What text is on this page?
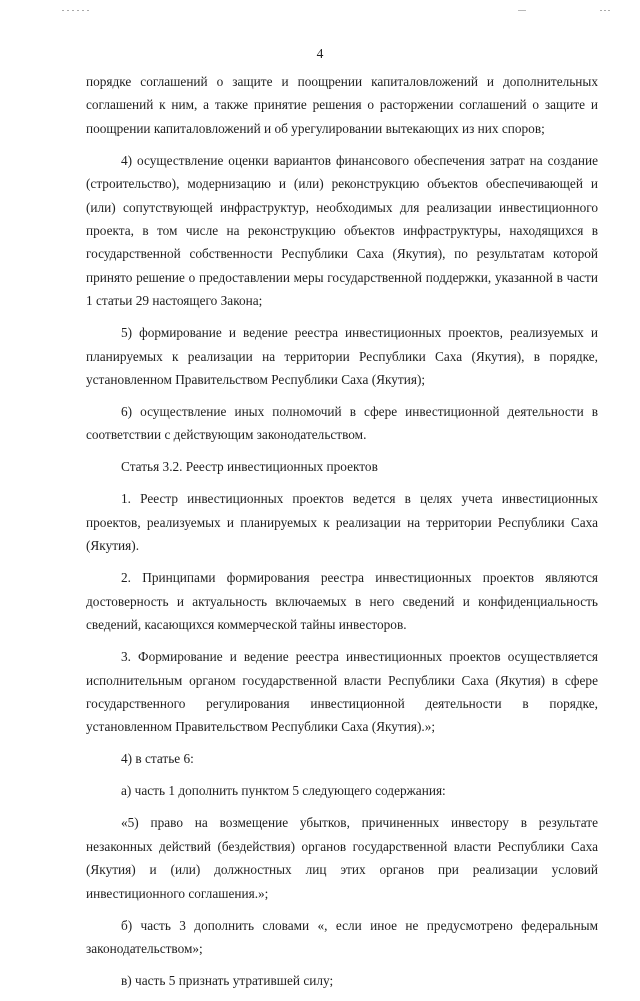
4

порядке соглашений о защите и поощрении капиталовложений и дополнительных соглашений к ним, а также принятие решения о расторжении соглашений о защите и поощрении капиталовложений и об урегулировании вытекающих из них споров;

4) осуществление оценки вариантов финансового обеспечения затрат на создание (строительство), модернизацию и (или) реконструкцию объектов обеспечивающей и (или) сопутствующей инфраструктур, необходимых для реализации инвестиционного проекта, в том числе на реконструкцию объектов инфраструктуры, находящихся в государственной собственности Республики Саха (Якутия), по результатам которой принято решение о предоставлении меры государственной поддержки, указанной в части 1 статьи 29 настоящего Закона;

5) формирование и ведение реестра инвестиционных проектов, реализуемых и планируемых к реализации на территории Республики Саха (Якутия), в порядке, установленном Правительством Республики Саха (Якутия);

6) осуществление иных полномочий в сфере инвестиционной деятельности в соответствии с действующим законодательством.

Статья 3.2. Реестр инвестиционных проектов

1. Реестр инвестиционных проектов ведется в целях учета инвестиционных проектов, реализуемых и планируемых к реализации на территории Республики Саха (Якутия).

2. Принципами формирования реестра инвестиционных проектов являются достоверность и актуальность включаемых в него сведений и конфиденциальность сведений, касающихся коммерческой тайны инвесторов.

3. Формирование и ведение реестра инвестиционных проектов осуществляется исполнительным органом государственной власти Республики Саха (Якутия) в сфере государственного регулирования инвестиционной деятельности в порядке, установленном Правительством Республики Саха (Якутия).»;

4) в статье 6:

а) часть 1 дополнить пунктом 5 следующего содержания:

«5) право на возмещение убытков, причиненных инвестору в результате незаконных действий (бездействия) органов государственной власти Республики Саха (Якутия) и (или) должностных лиц этих органов при реализации условий инвестиционного соглашения.»;

б) часть 3 дополнить словами «, если иное не предусмотрено федеральным законодательством»;

в) часть 5 признать утратившей силу;
